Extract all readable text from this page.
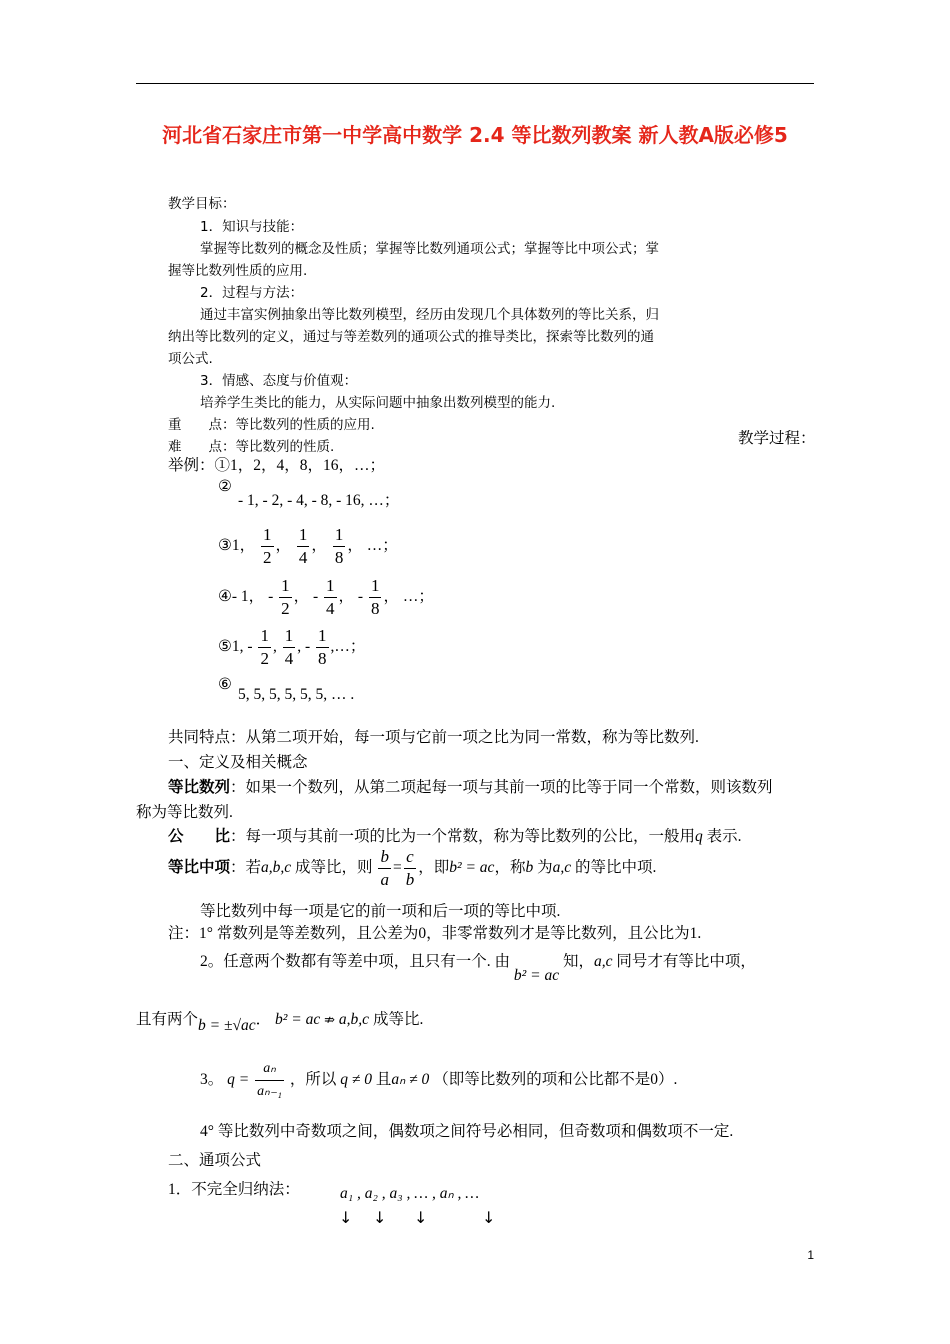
河北省石家庄市第一中学高中数学 2.4 等比数列教案 新人教A版必修5
教学目标：
1．知识与技能：
掌握等比数列的概念及性质；掌握等比数列通项公式；掌握等比中项公式；掌
握等比数列性质的应用.
2．过程与方法：
通过丰富实例抽象出等比数列模型，经历由发现几个具体数列的等比关系，归
纳出等比数列的定义，通过与等差数列的通项公式的推导类比，探索等比数列的通
项公式.
3．情感、态度与价值观：
培养学生类比的能力，从实际问题中抽象出数列模型的能力.
重　　点：等比数列的性质的应用.
难　　点：等比数列的性质.	教学过程：
举例：①1，2，4，8，16，…；
②
- 1, - 2, - 4, - 8, - 16, …；
③1， $\frac{1}{2}$ ， $\frac{1}{4}$ ， $\frac{1}{8}$ ， …；
④- 1， - $\frac{1}{2}$ ， - $\frac{1}{4}$ ， - $\frac{1}{8}$ ， …；
⑤1, - $\frac{1}{2}$ , $\frac{1}{4}$ , - $\frac{1}{8}$ ,…；
⑥
5, 5, 5, 5, 5, 5, … .
共同特点：从第二项开始，每一项与它前一项之比为同一常数，称为等比数列.
一、定义及相关概念
等比数列：如果一个数列，从第二项起每一项与其前一项的比等于同一个常数，则该数列
称为等比数列.
公　　比：每一项与其前一项的比为一个常数，称为等比数列的公比，一般用q 表示.
等比中项：若a,b,c 成等比，则 $\frac{b}{a} = \frac{c}{b}$ ，即b² = ac，称b 为a,c 的等比中项.
等比数列中每一项是它的前一项和后一项的等比中项.
注：1° 常数列是等差数列，且公差为0，非零常数列才是等比数列，且公比为1.
2。任意两个数都有等差中项，且只有一个. 由 b² = ac 知，a,c 同号才有等比中项，
且有两个b = ±√ac． b² = ac ⇏ a,b,c 成等比.
3。 $q = \frac{\text{aₙ}}{\text{aₙ₋₁}}$ ，所以 q ≠ 0 且aₙ ≠ 0 （即等比数列的项和公比都不是0）.
4° 等比数列中奇数项之间，偶数项之间符号必相同，但奇数项和偶数项不一定.
二、通项公式
1．不完全归纳法：	a₁ , a₂ , a₃ , … , aₙ , …
↓ ↓ ↓	↓
1
